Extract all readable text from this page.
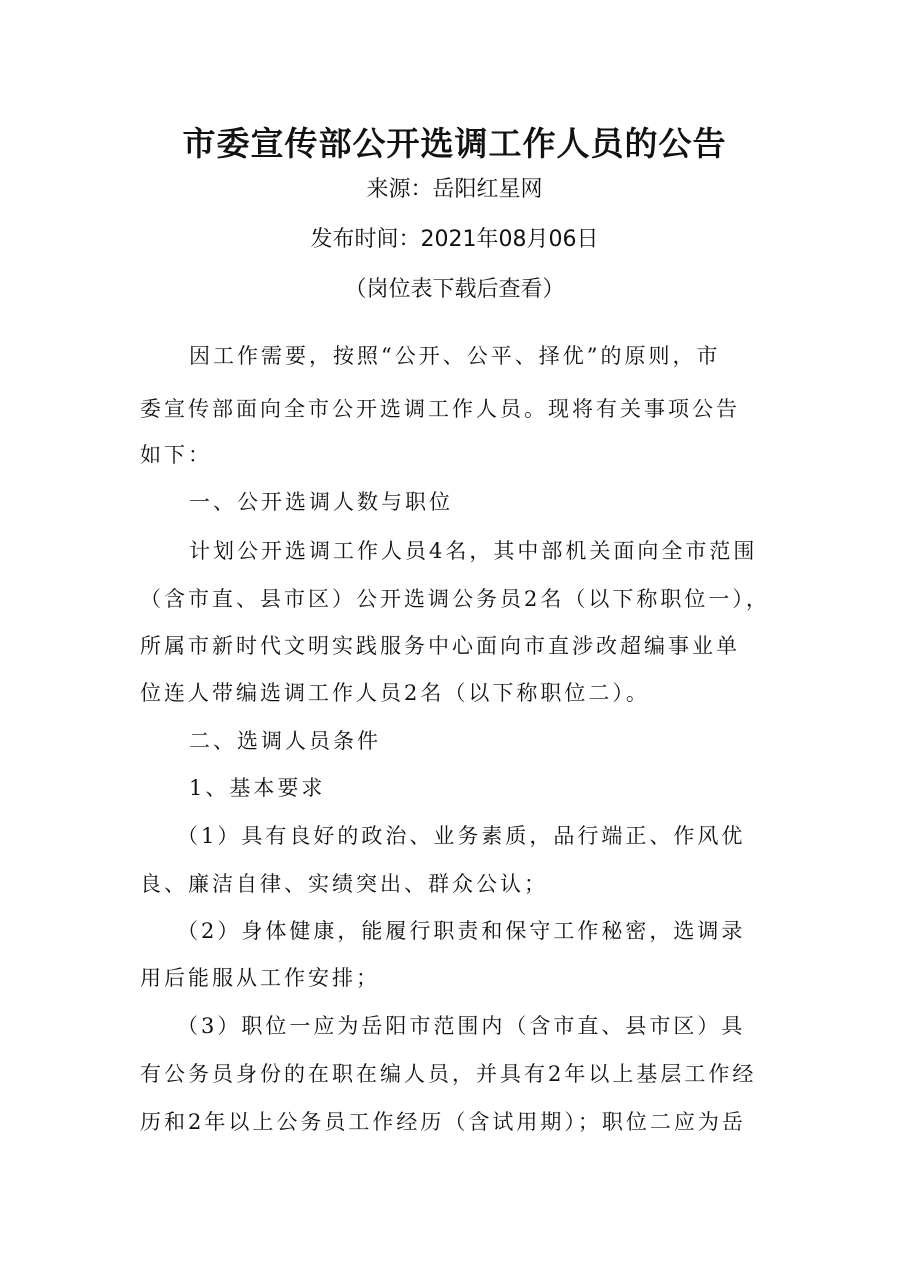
市委宣传部公开选调工作人员的公告
来源：岳阳红星网
发布时间：2021年08月06日
（岗位表下载后查看）
因工作需要，按照“公开、公平、择优”的原则，市
委宣传部面向全市公开选调工作人员。现将有关事项公告
如下：
一、公开选调人数与职位
计划公开选调工作人员4名，其中部机关面向全市范围
（含市直、县市区）公开选调公务员2名（以下称职位一），
所属市新时代文明实践服务中心面向市直涉改超编事业单
位连人带编选调工作人员2名（以下称职位二）。
二、选调人员条件
1、基本要求
（1）具有良好的政治、业务素质，品行端正、作风优
良、廉洁自律、实绩突出、群众公认；
（2）身体健康，能履行职责和保守工作秘密，选调录
用后能服从工作安排；
（3）职位一应为岳阳市范围内（含市直、县市区）具
有公务员身份的在职在编人员，并具有2年以上基层工作经
历和2年以上公务员工作经历（含试用期）；职位二应为岳
